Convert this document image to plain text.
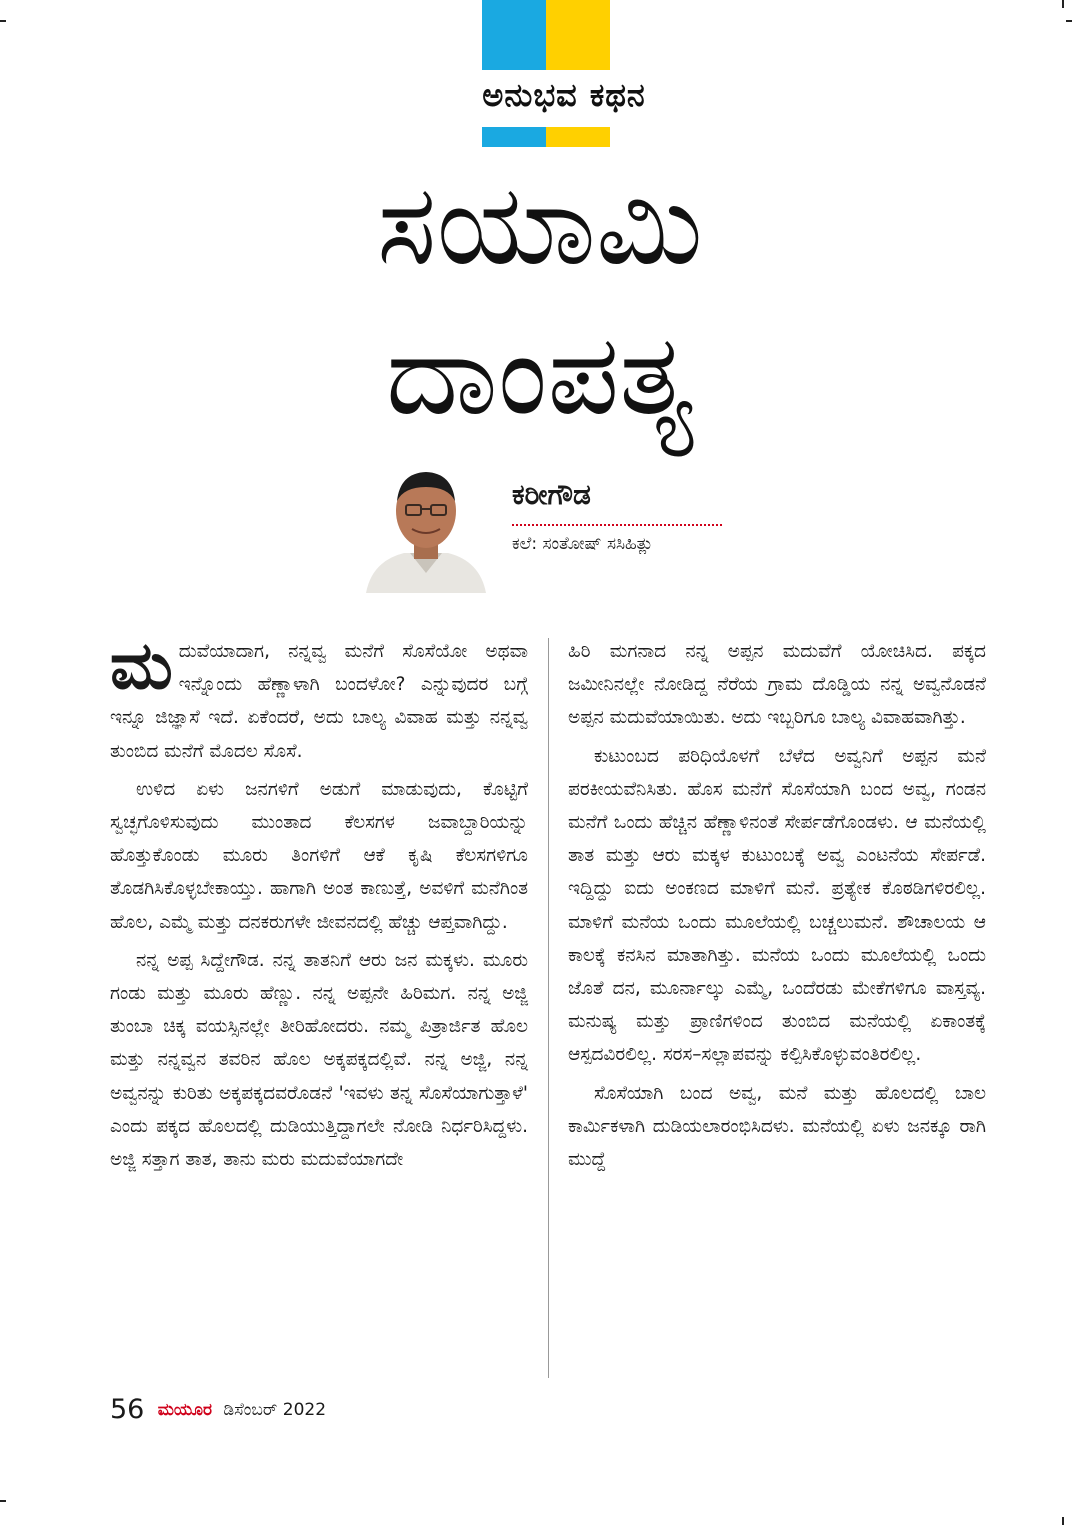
ಅನುಭವ ಕಥನ
ಸಯಾಮಿ
ದಾಂಪತ್ಯ
ಕರೀಗೌಡ
ಕಲೆ: ಸಂತೋಷ್ ಸಸಿಹಿತ್ಲು

ಮ ದುವೆಯಾದಾಗ, ನನ್ನವ್ವ ಮನೆಗೆ ಸೊಸೆಯೋ ಅಥವಾ ಇನ್ನೊಂದು ಹೆಣ್ಣಾಳಾಗಿ ಬಂದಳೋ? ಎನ್ನುವುದರ ಬಗ್ಗೆ ಇನ್ನೂ ಜಿಜ್ಞಾಸೆ ಇದೆ. ಏಕೆಂದರೆ, ಅದು ಬಾಲ್ಯ ವಿವಾಹ ಮತ್ತು ನನ್ನವ್ವ ತುಂಬಿದ ಮನೆಗೆ ಮೊದಲ ಸೊಸೆ.

ಉಳಿದ ಏಳು ಜನಗಳಿಗೆ ಅಡುಗೆ ಮಾಡುವುದು, ಕೊಟ್ಟಿಗೆ ಸ್ವಚ್ಛಗೊಳಿಸುವುದು ಮುಂತಾದ ಕೆಲಸಗಳ ಜವಾಬ್ದಾರಿಯನ್ನು ಹೊತ್ತುಕೊಂಡು ಮೂರು ತಿಂಗಳಿಗೆ ಆಕೆ ಕೃಷಿ ಕೆಲಸಗಳಿಗೂ ತೊಡಗಿಸಿಕೊಳ್ಳಬೇಕಾಯ್ತು. ಹಾಗಾಗಿ ಅಂತ ಕಾಣುತ್ತೆ, ಅವಳಿಗೆ ಮನೆಗಿಂತ ಹೊಲ, ಎಮ್ಮೆ ಮತ್ತು ದನಕರುಗಳೇ ಜೀವನದಲ್ಲಿ ಹೆಚ್ಚು ಆಪ್ತವಾಗಿದ್ದು.

ನನ್ನ ಅಪ್ಪ ಸಿದ್ದೇಗೌಡ. ನನ್ನ ತಾತನಿಗೆ ಆರು ಜನ ಮಕ್ಕಳು. ಮೂರು ಗಂಡು ಮತ್ತು ಮೂರು ಹೆಣ್ಣು. ನನ್ನ ಅಪ್ಪನೇ ಹಿರಿಮಗ. ನನ್ನ ಅಜ್ಜಿ ತುಂಬಾ ಚಿಕ್ಕ ವಯಸ್ಸಿನಲ್ಲೇ ತೀರಿಹೋದರು. ನಮ್ಮ ಪಿತ್ರಾರ್ಜಿತ ಹೊಲ ಮತ್ತು ನನ್ನವ್ವನ ತವರಿನ ಹೊಲ ಅಕ್ಕಪಕ್ಕದಲ್ಲಿವೆ. ನನ್ನ ಅಜ್ಜಿ, ನನ್ನ ಅವ್ವನನ್ನು ಕುರಿತು ಅಕ್ಕಪಕ್ಕದವರೊಡನೆ 'ಇವಳು ತನ್ನ ಸೊಸೆಯಾಗುತ್ತಾಳೆ' ಎಂದು ಪಕ್ಕದ ಹೊಲದಲ್ಲಿ ದುಡಿಯುತ್ತಿದ್ದಾಗಲೇ ನೋಡಿ ನಿರ್ಧರಿಸಿದ್ದಳು. ಅಜ್ಜಿ ಸತ್ತಾಗ ತಾತ, ತಾನು ಮರು ಮದುವೆಯಾಗದೇ

ಹಿರಿ ಮಗನಾದ ನನ್ನ ಅಪ್ಪನ ಮದುವೆಗೆ ಯೋಚಿಸಿದ. ಪಕ್ಕದ ಜಮೀನಿನಲ್ಲೇ ನೋಡಿದ್ದ ನೆರೆಯ ಗ್ರಾಮ ದೊಡ್ಡಿಯ ನನ್ನ ಅವ್ವನೊಡನೆ ಅಪ್ಪನ ಮದುವೆಯಾಯಿತು. ಅದು ಇಬ್ಬರಿಗೂ ಬಾಲ್ಯ ವಿವಾಹವಾಗಿತ್ತು.

ಕುಟುಂಬದ ಪರಿಧಿಯೊಳಗೆ ಬೆಳೆದ ಅವ್ವನಿಗೆ ಅಪ್ಪನ ಮನೆ ಪರಕೀಯವೆನಿಸಿತು. ಹೊಸ ಮನೆಗೆ ಸೊಸೆಯಾಗಿ ಬಂದ ಅವ್ವ, ಗಂಡನ ಮನೆಗೆ ಒಂದು ಹೆಚ್ಚಿನ ಹೆಣ್ಣಾಳಿನಂತೆ ಸೇರ್ಪಡೆಗೊಂಡಳು. ಆ ಮನೆಯಲ್ಲಿ ತಾತ ಮತ್ತು ಆರು ಮಕ್ಕಳ ಕುಟುಂಬಕ್ಕೆ ಅವ್ವ ಎಂಟನೆಯ ಸೇರ್ಪಡೆ. ಇದ್ದಿದ್ದು ಐದು ಅಂಕಣದ ಮಾಳಿಗೆ ಮನೆ. ಪ್ರತ್ಯೇಕ ಕೊಠಡಿಗಳಿರಲಿಲ್ಲ. ಮಾಳಿಗೆ ಮನೆಯ ಒಂದು ಮೂಲೆಯಲ್ಲಿ ಬಚ್ಚಲುಮನೆ. ಶೌಚಾಲಯ ಆ ಕಾಲಕ್ಕೆ ಕನಸಿನ ಮಾತಾಗಿತ್ತು. ಮನೆಯ ಒಂದು ಮೂಲೆಯಲ್ಲಿ ಒಂದು ಜೊತೆ ದನ, ಮೂರ್ನಾಲ್ಕು ಎಮ್ಮೆ, ಒಂದೆರಡು ಮೇಕೆಗಳಿಗೂ ವಾಸ್ತವ್ಯ. ಮನುಷ್ಯ ಮತ್ತು ಪ್ರಾಣಿಗಳಿಂದ ತುಂಬಿದ ಮನೆಯಲ್ಲಿ ಏಕಾಂತಕ್ಕೆ ಆಸ್ಪದವಿರಲಿಲ್ಲ. ಸರಸ–ಸಲ್ಲಾಪವನ್ನು ಕಲ್ಪಿಸಿಕೊಳ್ಳುವಂತಿರಲಿಲ್ಲ.

ಸೊಸೆಯಾಗಿ ಬಂದ ಅವ್ವ, ಮನೆ ಮತ್ತು ಹೊಲದಲ್ಲಿ ಬಾಲ ಕಾರ್ಮಿಕಳಾಗಿ ದುಡಿಯಲಾರಂಭಿಸಿದಳು. ಮನೆಯಲ್ಲಿ ಏಳು ಜನಕ್ಕೂ ರಾಗಿ ಮುದ್ದೆ

56 ಮಯೂರ ಡಿಸೆಂಬರ್ 2022
